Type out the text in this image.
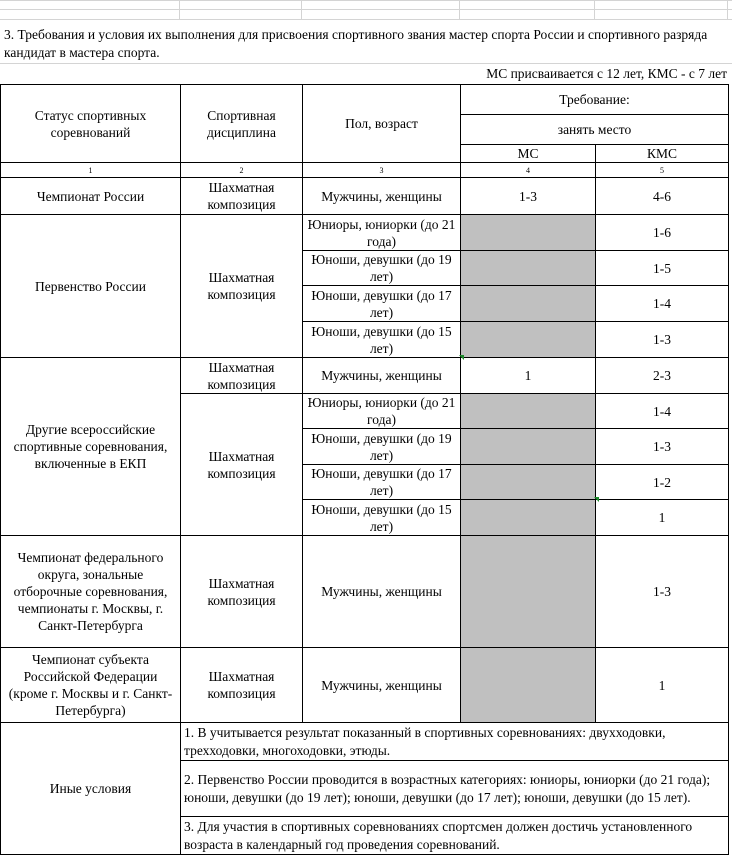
3. Требования и условия их выполнения для присвоения спортивного звания мастер спорта России и спортивного разряда кандидат в мастера спорта.
МС присваивается с 12 лет, КМС - с 7 лет
Статус спортивных соревнований	Спортивная дисциплина	Пол, возраст	Требование:	
			занять место	
			МС	КМС
1	2	3	4	5
Чемпионат России	Шахматная композиция	Мужчины, женщины	1-3	4-6
Первенство России	Шахматная композиция	Юниоры, юниорки (до 21 года)		1-6
		Юноши, девушки (до 19 лет)		1-5
		Юноши, девушки (до 17 лет)		1-4
		Юноши, девушки (до 15 лет)		1-3
Другие всероссийские спортивные соревнования, включенные в ЕКП	Шахматная композиция	Мужчины, женщины	1	2-3
	Шахматная композиция	Юниоры, юниорки (до 21 года)		1-4
		Юноши, девушки (до 19 лет)		1-3
		Юноши, девушки (до 17 лет)		1-2
		Юноши, девушки (до 15 лет)		1
Чемпионат федерального округа, зональные отборочные соревнования, чемпионаты г. Москвы, г. Санкт-Петербурга	Шахматная композиция	Мужчины, женщины		1-3
Чемпионат субъекта Российской Федерации (кроме г. Москвы и г. Санкт-Петербурга)	Шахматная композиция	Мужчины, женщины		1
Иные условия	1. В учитывается результат показанный в спортивных соревнованиях: двухходовки, трехходовки, многоходовки, этюды.			
	2. Первенство России проводится в возрастных категориях: юниоры, юниорки (до 21 года); юноши, девушки (до 19 лет); юноши, девушки (до 17 лет); юноши, девушки (до 15 лет).			
	3. Для участия в спортивных соревнованиях спортсмен должен достичь установленного возраста в календарный год проведения соревнований.			
